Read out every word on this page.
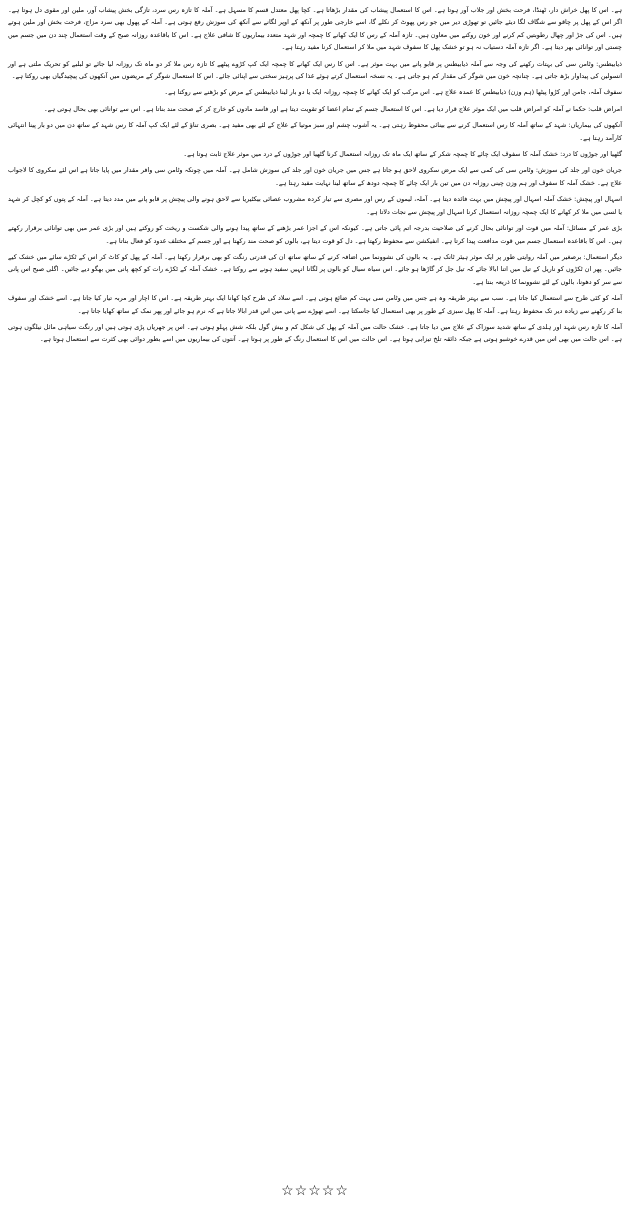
ہے۔ اس کا پھل خراش دار، ٹھنڈا، فرحت بخش اور جلاب آور ہوتا ہے۔ اس کا استعمال پیشاب کی مقدار بڑھاتا ہے۔ کچا پھل معتدل قسم کا مسہل ہے۔ آملہ کا تازہ رس سرد، تازگی بخش پیشاب آور، ملین اور مقوی دل ہوتا ہے۔ اگر اس کے پھل پر چاقو سے شگاف لگا دیئے جائیں تو تھوڑی دیر میں جو رس پھوٹ کر نکلے گا، اسے خارجی طور پر آنکھ کے اوپر لگانے سے آنکھ کی سوزش رفع ہوتی ہے۔ آملہ کے پھول بھی سرد مزاج، فرحت بخش اور ملین ہوتے ہیں۔ اس کی جڑ اور چھال رطوبتیں کم کرنے اور خون روکنے میں معاون ہیں۔ تازہ آملہ کے رس کا ایک کھانے کا چمچہ اور شہد متعدد بیماریوں کا شافی علاج ہے۔ اس کا باقاعدہ روزانہ صبح کے وقت استعمال چند دن میں جسم میں چستی اور توانائی بھر دیتا ہے۔ اگر تازہ آملہ دستیاب نہ ہو تو خشک پھل کا سفوف شہد میں ملا کر استعمال کرنا مفید رہتا ہے۔

ذیابیطس: وٹامن سی کی بہتات رکھنے کی وجہ سے آملہ ذیابیطس پر قابو پانے میں بہت موثر ہے۔ اس کا رس ایک کھانے کا چمچہ ایک کپ کڑوے پیٹھے کا تازہ رس ملا کر دو ماہ تک روزانہ لیا جائے تو لبلبے کو تحریک ملتی ہے اور انسولین کی پیداوار بڑھ جاتی ہے۔ چنانچہ خون میں شوگر کی مقدار کم ہو جاتی ہے۔ یہ نسخہ استعمال کرتے ہوئے غذا کی پرہیز سختی سے اپنائی جائے۔ اس کا استعمال شوگر کے مریضوں میں آنکھوں کی پیچیدگیاں بھی روکتا ہے۔

سفوف آملہ، جامن اور کڑوا پیٹھا (ہم وزن) ذیابیطس کا عمدہ علاج ہے۔ اس مرکب کو ایک کھانے کا چمچہ روزانہ ایک یا دو بار لینا ذیابیطس کے مرض کو بڑھنے سے روکتا ہے۔

امراض قلب: حکما نے آملہ کو امراض قلب میں ایک موثر علاج قرار دیا ہے۔ اس کا استعمال جسم کے تمام اعضا کو تقویت دیتا ہے اور فاسد مادوں کو خارج کر کے صحت مند بناتا ہے۔ اس سے توانائی بھی بحال ہوتی ہے۔

آنکھوں کی بیماریاں: شہد کے ساتھ آملہ کا رس استعمال کرنے سے بینائی محفوظ رہتی ہے۔ یہ آشوب چشم اور سبز موتیا کے علاج کے لئے بھی مفید ہے۔ بصری تناؤ کے لئے ایک کپ آملہ کا رس شہد کے ساتھ دن میں دو بار پینا انتہائی کارآمد رہتا ہے۔

گٹھیا اور جوڑوں کا درد: خشک آملہ کا سفوف ایک چائے کا چمچہ شکر کے ساتھ ایک ماہ تک روزانہ استعمال کرنا گٹھیا اور جوڑوں کے درد میں موثر علاج ثابت ہوتا ہے۔

جریان خون اور جلد کی سوزش: وٹامن سی کی کمی سے ایک مرض سکروی لاحق ہو جاتا ہے جس میں جریان خون اور جلد کی سوزش شامل ہے۔ آملہ میں چونکہ وٹامن سی وافر مقدار میں پایا جاتا ہے اس لئے سکروی کا لاجواب علاج ہے۔ خشک آملہ کا سفوف اور ہم وزن چینی روزانہ دن میں تین بار ایک چائے کا چمچہ دودھ کے ساتھ لینا نہایت مفید رہتا ہے۔

اسہال اور پیچش: خشک آملہ اسہال اور پیچش میں بہت فائدہ دیتا ہے۔ آملہ، لیموں کے رس اور مصری سے تیار کردہ مشروب عصائی بیکٹیریا سے لاحق ہونے والی پیچش پر قابو پانے میں مدد دیتا ہے۔ آملہ کے پتوں کو کچل کر شہد یا لسی میں ملا کر کھانے کا ایک چمچہ روزانہ استعمال کرنا اسہال اور پیچش سے نجات دلاتا ہے۔

بڑی عمر کے مسائل: آملہ میں قوت اور توانائی بحال کرنے کی صلاحیت بدرجہ اتم پائی جاتی ہے۔ کیونکہ اس کے اجزا عمر بڑھنے کے ساتھ پیدا ہونے والی شکست و ریخت کو روکتے ہیں اور بڑی عمر میں بھی توانائی برقرار رکھتے ہیں۔ اس کا باقاعدہ استعمال جسم میں قوت مدافعت پیدا کرتا ہے۔ انفیکشن سے محفوظ رکھتا ہے۔ دل کو قوت دیتا ہے، بالوں کو صحت مند رکھتا ہے اور جسم کے مختلف غدود کو فعال بناتا ہے۔

دیگر استعمال: برصغیر میں آملہ روایتی طور پر ایک موثر ہیئر ٹانک ہے۔ یہ بالوں کی نشوونما میں اضافہ کرنے کے ساتھ ساتھ ان کی قدرتی رنگت کو بھی برقرار رکھتا ہے۔ آملہ کے پھل کو کاٹ کر اس کے ٹکڑے سائے میں خشک کیے جائیں۔ پھر ان ٹکڑوں کو ناریل کے تیل میں اتنا ابالا جائے کہ تیل جل کر گاڑھا ہو جائے۔ اس سیاہ سیال کو بالوں پر لگانا انہیں سفید ہونے سے روکتا ہے۔ خشک آملہ کے ٹکڑے رات کو کچھ پانی میں بھگو دیے جائیں۔ اگلی صبح اس پانی سے سر کو دھونا، بالوں کے لئے نشوونما کا ذریعہ بنتا ہے۔

آملہ کو کئی طرح سے استعمال کیا جاتا ہے۔ سب سے بہتر طریقہ وہ ہے جس میں وٹامن سی بہت کم ضائع ہوتی ہے۔ اسے سلاد کی طرح کچا کھانا ایک بہتر طریقہ ہے۔ اس کا اچار اور مربہ تیار کیا جاتا ہے۔ اسے خشک اور سفوف بنا کر رکھنے سے زیادہ دیر تک محفوظ رہتا ہے۔ آملہ کا پھل سبزی کے طور پر بھی استعمال کیا جاسکتا ہے۔ اسے تھوڑے سے پانی میں اس قدر ابالا جاتا ہے کہ نرم ہو جائے اور پھر نمک کے ساتھ کھایا جاتا ہے۔

آملہ کا تازہ رس شہد اور ہلدی کے ساتھ شدید سوزاک کے علاج میں دیا جاتا ہے۔ خشک حالت میں آملہ کے پھل کی شکل کم و بیش گول بلکہ شش پہلو ہوتی ہے۔ اس پر جھریاں پڑی ہوتی ہیں اور رنگت سیاہی مائل نیلگوں ہوتی ہے۔ اس حالت میں بھی اس میں قدرے خوشبو ہوتی ہے جبکہ ذائقہ تلخ تیزابی ہوتا ہے۔ اس حالت میں اس کا استعمال رنگ کے طور پر ہوتا ہے۔ آنتوں کی بیماریوں میں اسے بطور دوائی بھی کثرت سے استعمال ہوتا ہے۔

☆☆☆☆☆
